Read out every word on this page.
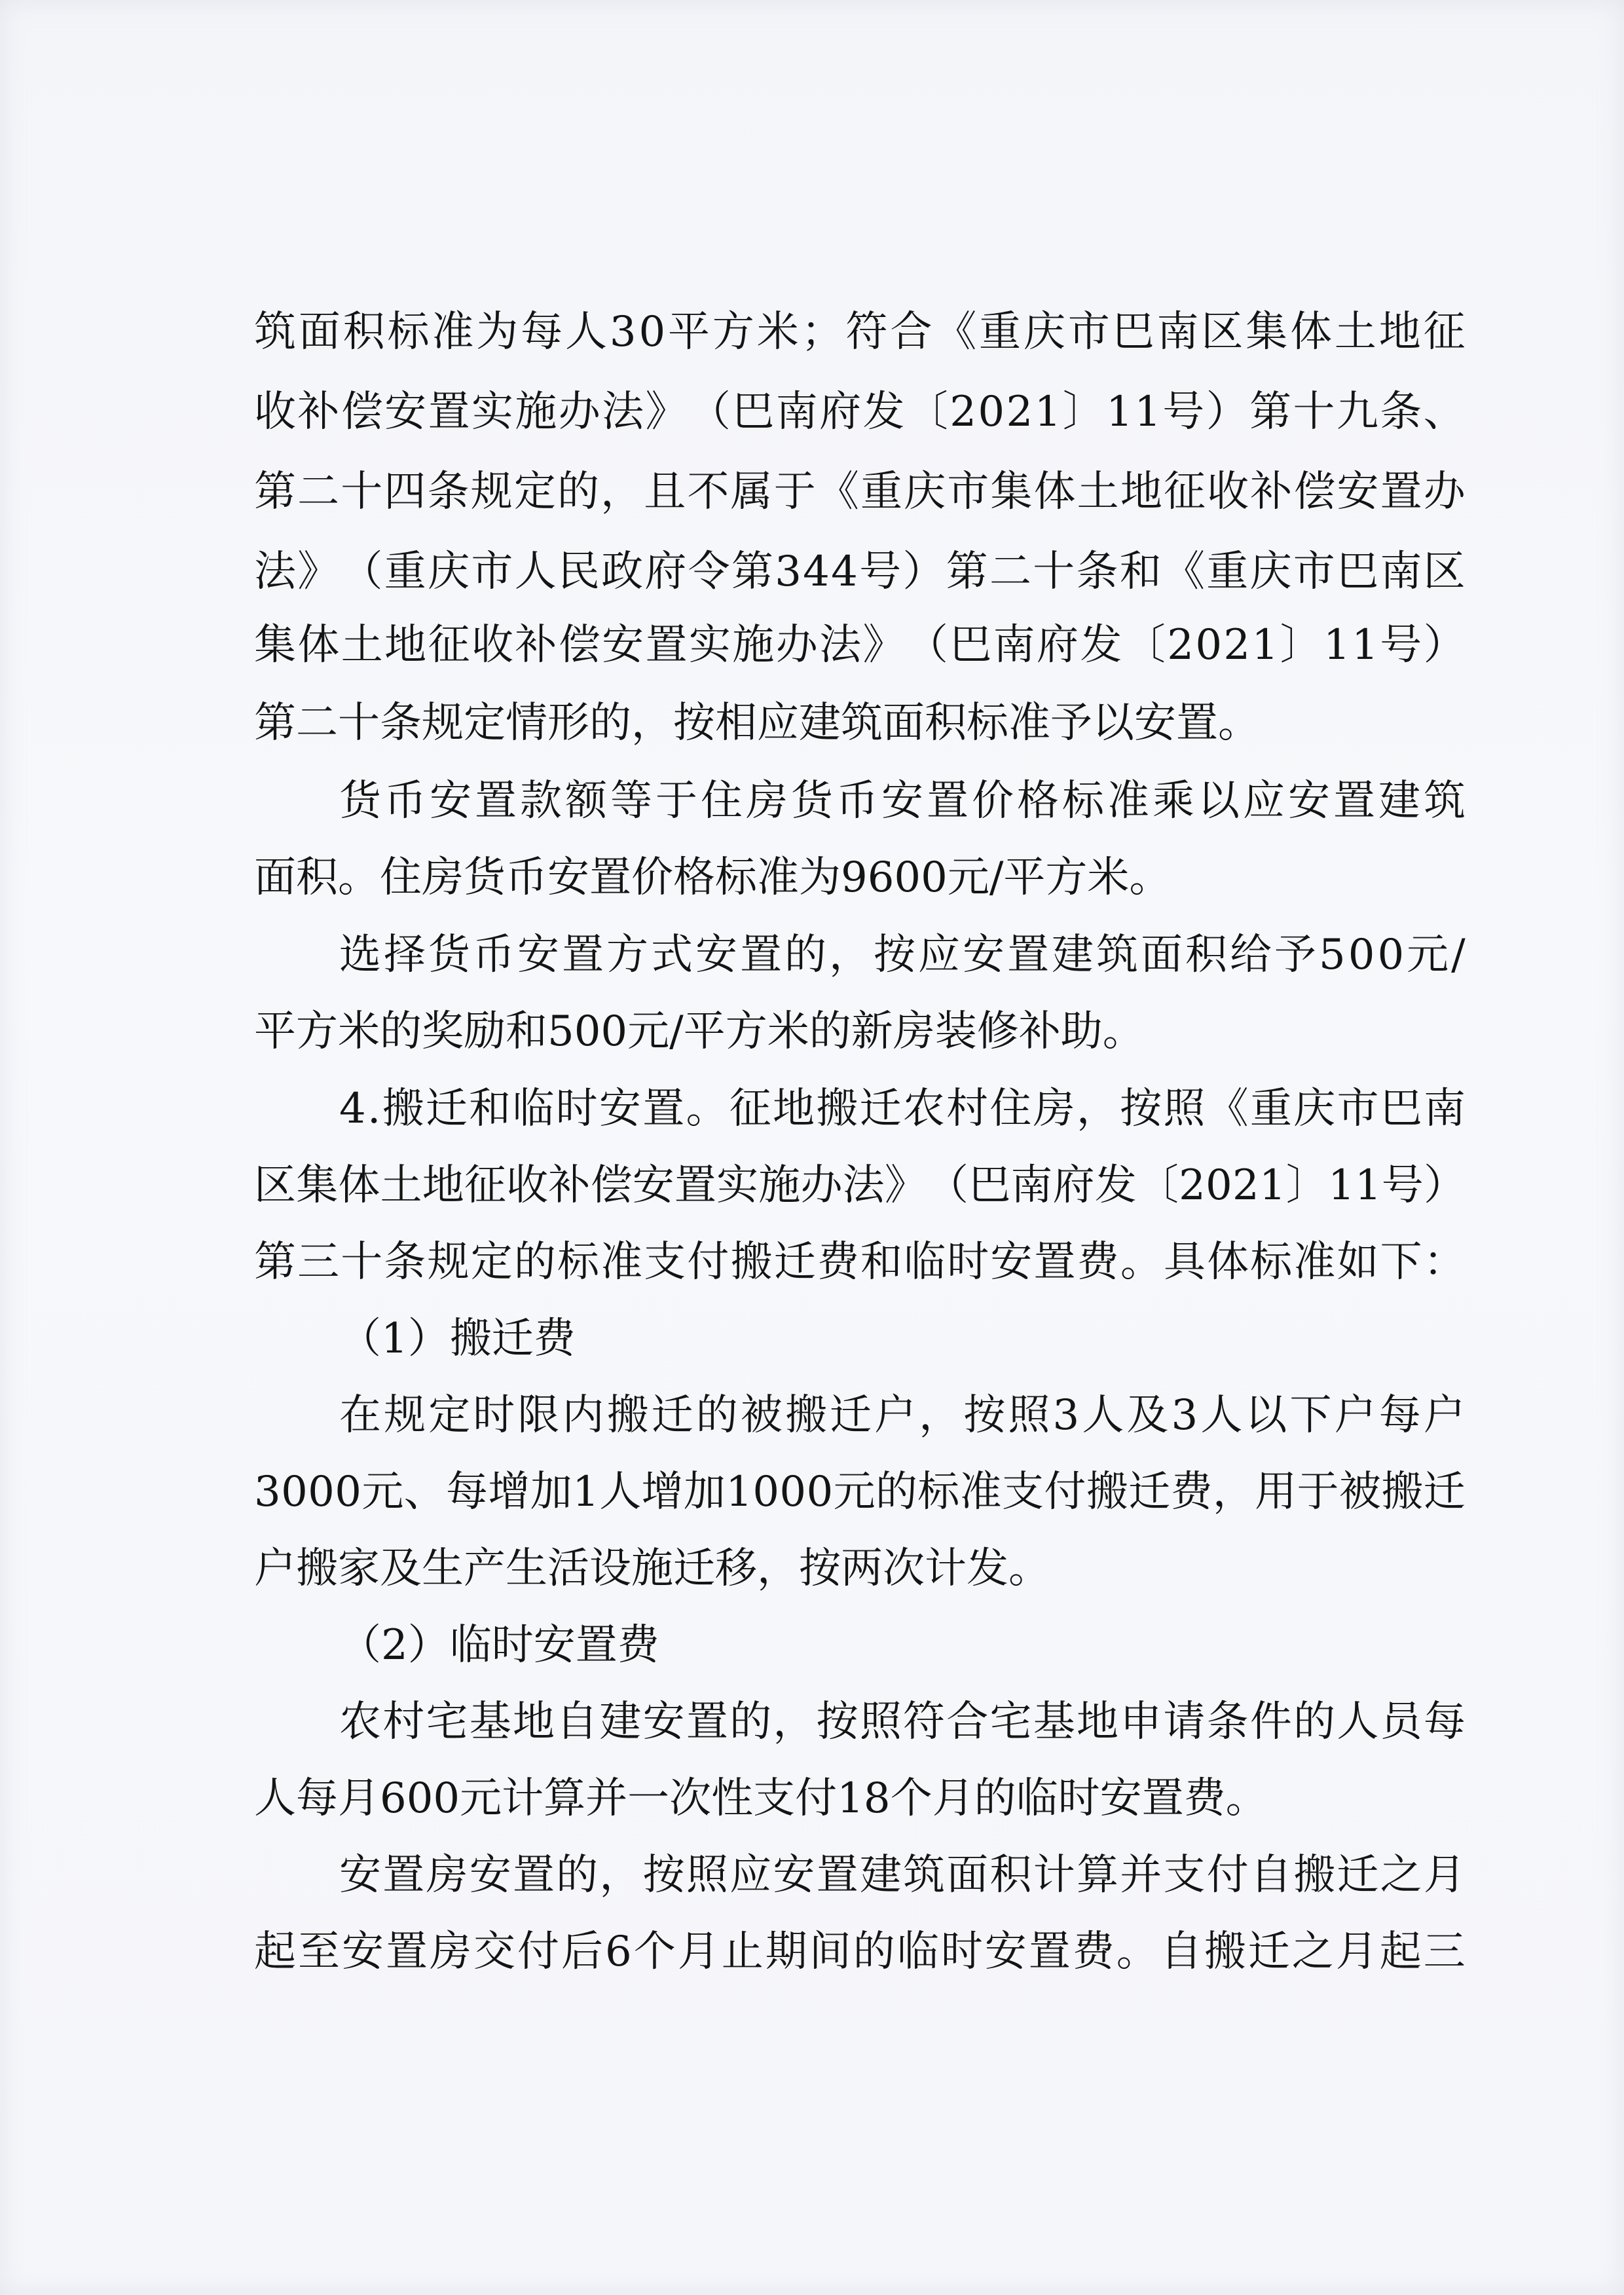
筑 面 积 标 准 为 每 人 3 0 平 方 米 ； 符 合 《 重 庆 市 巴 南 区 集 体 土 地 征
收 补 偿 安 置 实 施 办 法 》 （ 巴 南 府 发 〔 2 0 2 1 〕 1 1 号 ） 第 十 九 条 、
第 二 十 四 条 规 定 的 ， 且 不 属 于 《 重 庆 市 集 体 土 地 征 收 补 偿 安 置 办
法 》 （ 重 庆 市 人 民 政 府 令 第 3 4 4 号 ） 第 二 十 条 和 《 重 庆 市 巴 南 区
集 体 土 地 征 收 补 偿 安 置 实 施 办 法 》 （ 巴 南 府 发 〔 2 0 2 1 〕 1 1 号 ）
第二十条规定情形的，按相应建筑面积标准予以安置。
货 币 安 置 款 额 等 于 住 房 货 币 安 置 价 格 标 准 乘 以 应 安 置 建 筑
面积。住房货币安置价格标准为9600元/平方米。
选 择 货 币 安 置 方 式 安 置 的 ， 按 应 安 置 建 筑 面 积 给 予 5 0 0 元 /
平方米的奖励和500元/平方米的新房装修补助。
4 . 搬 迁 和 临 时 安 置 。 征 地 搬 迁 农 村 住 房 ， 按 照 《 重 庆 市 巴 南
区 集 体 土 地 征 收 补 偿 安 置 实 施 办 法 》 （ 巴 南 府 发 〔 2 0 2 1 〕 1 1 号 ）
第 三 十 条 规 定 的 标 准 支 付 搬 迁 费 和 临 时 安 置 费 。 具 体 标 准 如 下 ：
（1）搬迁费
在 规 定 时 限 内 搬 迁 的 被 搬 迁 户 ， 按 照 3 人 及 3 人 以 下 户 每 户
3 0 0 0 元 、 每 增 加 1 人 增 加 1 0 0 0 元 的 标 准 支 付 搬 迁 费 ， 用 于 被 搬 迁
户搬家及生产生活设施迁移，按两次计发。
（2）临时安置费
农 村 宅 基 地 自 建 安 置 的 ， 按 照 符 合 宅 基 地 申 请 条 件 的 人 员 每
人每月600元计算并一次性支付18个月的临时安置费。
安 置 房 安 置 的 ， 按 照 应 安 置 建 筑 面 积 计 算 并 支 付 自 搬 迁 之 月
起 至 安 置 房 交 付 后 6 个 月 止 期 间 的 临 时 安 置 费 。 自 搬 迁 之 月 起 三
